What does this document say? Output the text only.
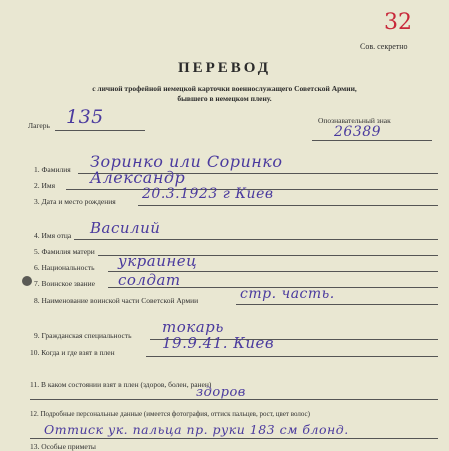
32
Сов. секретно
ПЕРЕВОД
с личной трофейной немецкой карточки военнослужащего Советской Армии,
бывшего в немецком плену.
Лагерь 135	Опознавательный знак
26389
1. Фамилия Зоринко или Соринко
2. Имя Александр
3. Дата и место рождения 20.3.1923 г Киев
4. Имя отца Василий
5. Фамилия матери
6. Национальность украинец
7. Воинское звание солдат
8. Наименование воинской части Советской Армии	стр. часть.
9. Гражданская специальность токарь
10. Когда и где взят в плен
19.9.41. Киев
11. В каком состоянии взят в плен (здоров, болен, ранен)
здоров
12. Подробные персональные данные (имеется фотография, оттиск пальцев, рост, цвет волос)
Оттиск ук. пальца пр. руки 183 см блонд.
13. Особые приметы
